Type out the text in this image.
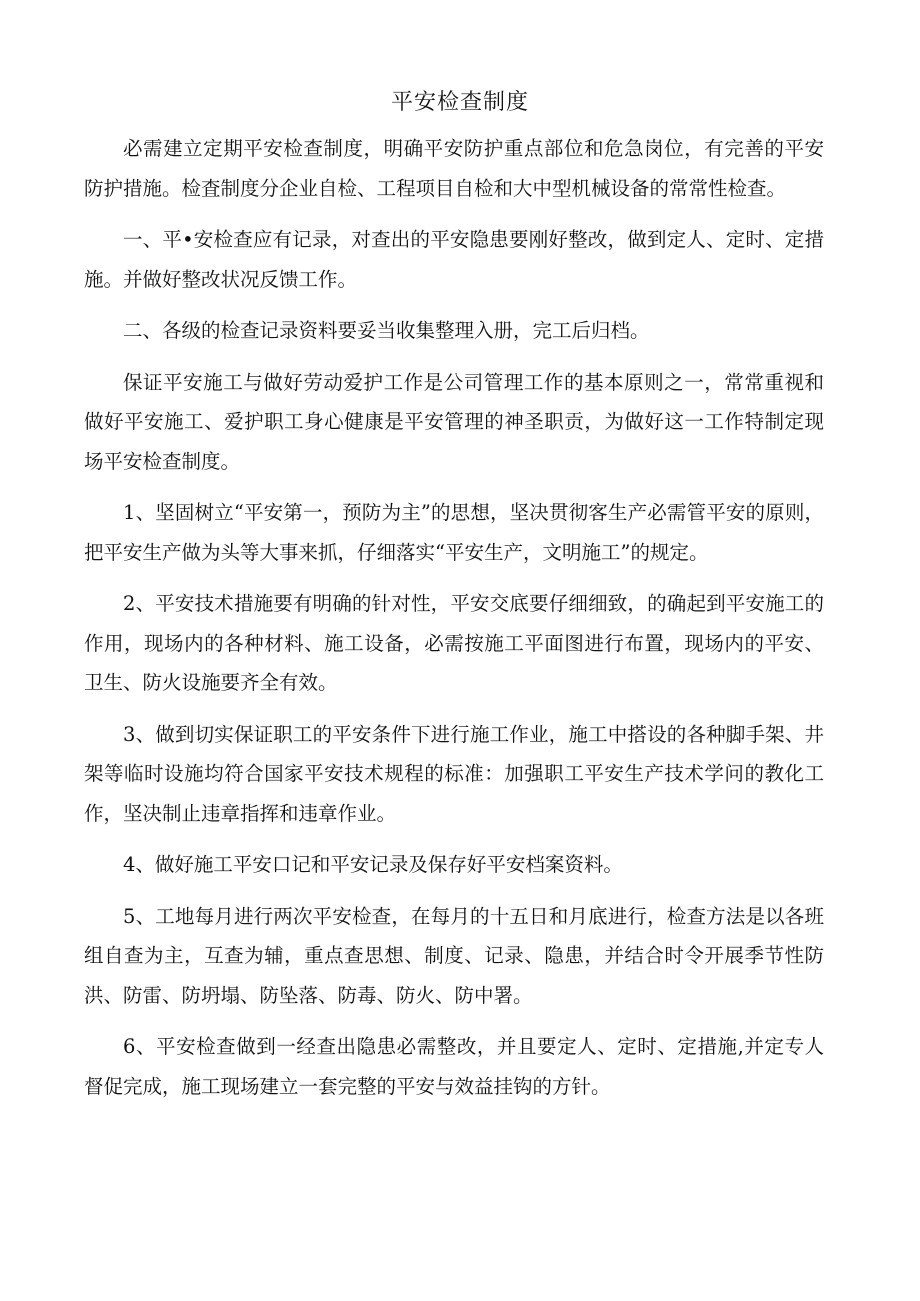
平安检查制度

必需建立定期平安检查制度，明确平安防护重点部位和危急岗位，有完善的平安防护措施。检査制度分企业自检、工程项目自检和大中型机械设备的常常性检查。

一、平•安检查应有记录，对查出的平安隐患要刚好整改，做到定人、定时、定措施。并做好整改状况反馈工作。

二、各级的检查记录资料要妥当收集整理入册，完工后归档。

保证平安施工与做好劳动爱护工作是公司管理工作的基本原则之一，常常重视和做好平安施工、爱护职工身心健康是平安管理的神圣职贡，为做好这一工作特制定现场平安检查制度。

1、坚固树立“平安第一，预防为主”的思想，坚决贯彻客生产必需管平安的原则，把平安生产做为头等大事来抓，仔细落实“平安生产，文明施工”的规定。

2、平安技术措施要有明确的针对性，平安交底要仔细细致，的确起到平安施工的作用，现场内的各种材料、施工设备，必需按施工平面图进行布置，现场内的平安、卫生、防火设施要齐全有效。

3、做到切实保证职工的平安条件下进行施工作业，施工中搭设的各种脚手架、井架等临时设施均符合国家平安技术规程的标准：加强职工平安生产技术学问的教化工作，坚决制止违章指挥和违章作业。

4、做好施工平安口记和平安记录及保存好平安档案资料。

5、工地每月进行两次平安检查，在每月的十五日和月底进行，检查方法是以各班组自查为主，互查为辅，重点查思想、制度、记录、隐患，并结合时令开展季节性防洪、防雷、防坍塌、防坠落、防毒、防火、防中署。

6、平安检查做到一经查出隐患必需整改，并且要定人、定时、定措施,并定专人督促完成，施工现场建立一套完整的平安与效益挂钩的方针。
